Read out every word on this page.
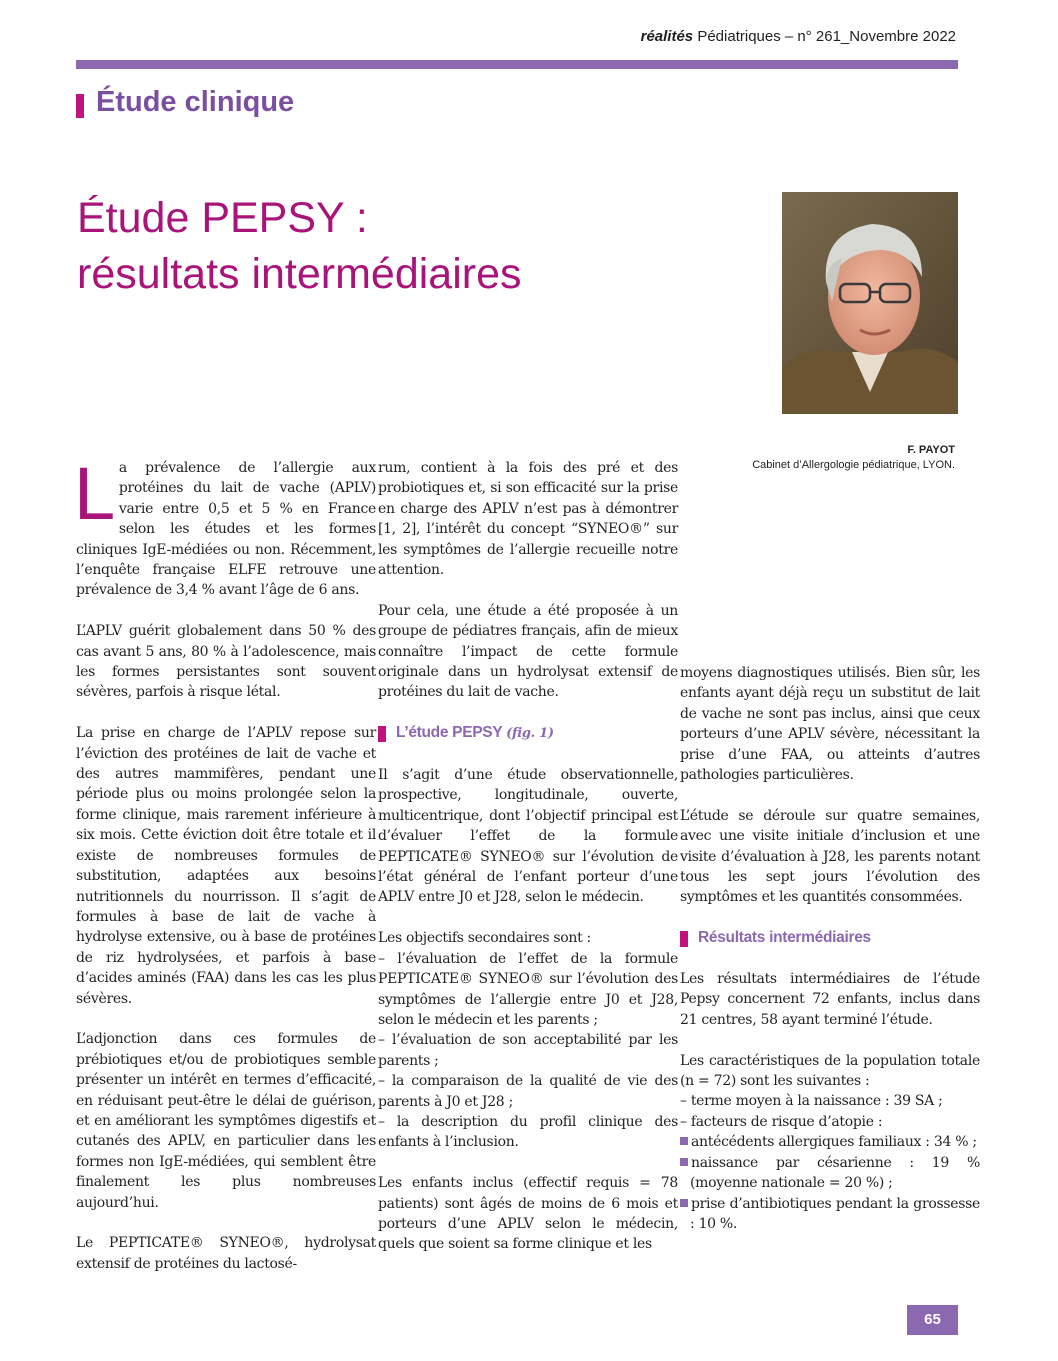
réalités Pédiatriques – n° 261_Novembre 2022
Étude clinique
Étude PEPSY :
résultats intermédiaires
F. PAYOT
Cabinet d’Allergologie pédiatrique, LYON.

L a prévalence de l’allergie aux protéines du lait de vache (APLV) varie entre 0,5 et 5 % en France selon les études et les formes cliniques IgE-médiées ou non. Récemment, l’enquête française ELFE retrouve une prévalence de 3,4 % avant l’âge de 6 ans.

L’APLV guérit globalement dans 50 % des cas avant 5 ans, 80 % à l’adolescence, mais les formes persistantes sont souvent sévères, parfois à risque létal.

La prise en charge de l’APLV repose sur l’éviction des protéines de lait de vache et des autres mammifères, pendant une période plus ou moins prolongée selon la forme clinique, mais rarement inférieure à six mois. Cette éviction doit être totale et il existe de nombreuses formules de substitution, adaptées aux besoins nutritionnels du nourrisson. Il s’agit de formules à base de lait de vache à hydrolyse extensive, ou à base de protéines de riz hydrolysées, et parfois à base d’acides aminés (FAA) dans les cas les plus sévères.

L’adjonction dans ces formules de prébiotiques et/ou de probiotiques semble présenter un intérêt en termes d’efficacité, en réduisant peut-être le délai de guérison, et en améliorant les symptômes digestifs et cutanés des APLV, en particulier dans les formes non IgE-médiées, qui semblent être finalement les plus nombreuses aujourd’hui.

Le PEPTICATE® SYNEO®, hydrolysat extensif de protéines du lactosé-

rum, contient à la fois des pré et des probiotiques et, si son efficacité sur la prise en charge des APLV n’est pas à démontrer [1, 2], l’intérêt du concept “SYNEO®” sur les symptômes de l’allergie recueille notre attention.

Pour cela, une étude a été proposée à un groupe de pédiatres français, afin de mieux connaître l’impact de cette formule originale dans un hydrolysat extensif de protéines du lait de vache.

L’étude PEPSY (fig. 1)

Il s’agit d’une étude observationnelle, prospective, longitudinale, ouverte, multicentrique, dont l’objectif principal est d’évaluer l’effet de la formule PEPTICATE® SYNEO® sur l’évolution de l’état général de l’enfant porteur d’une APLV entre J0 et J28, selon le médecin.

Les objectifs secondaires sont :
– l’évaluation de l’effet de la formule PEPTICATE® SYNEO® sur l’évolution des symptômes de l’allergie entre J0 et J28, selon le médecin et les parents ;
– l’évaluation de son acceptabilité par les parents ;
– la comparaison de la qualité de vie des parents à J0 et J28 ;
– la description du profil clinique des enfants à l’inclusion.

Les enfants inclus (effectif requis = 78 patients) sont âgés de moins de 6 mois et porteurs d’une APLV selon le médecin, quels que soient sa forme clinique et les

moyens diagnostiques utilisés. Bien sûr, les enfants ayant déjà reçu un substitut de lait de vache ne sont pas inclus, ainsi que ceux porteurs d’une APLV sévère, nécessitant la prise d’une FAA, ou atteints d’autres pathologies particulières.

L’étude se déroule sur quatre semaines, avec une visite initiale d’inclusion et une visite d’évaluation à J28, les parents notant tous les sept jours l’évolution des symptômes et les quantités consommées.

Résultats intermédiaires

Les résultats intermédiaires de l’étude Pepsy concernent 72 enfants, inclus dans 21 centres, 58 ayant terminé l’étude.

Les caractéristiques de la population totale (n = 72) sont les suivantes :
– terme moyen à la naissance : 39 SA ;
– facteurs de risque d’atopie :
antécédents allergiques familiaux : 34 % ;
naissance par césarienne : 19 % (moyenne nationale = 20 %) ;
prise d’antibiotiques pendant la grossesse : 10 %.

65
